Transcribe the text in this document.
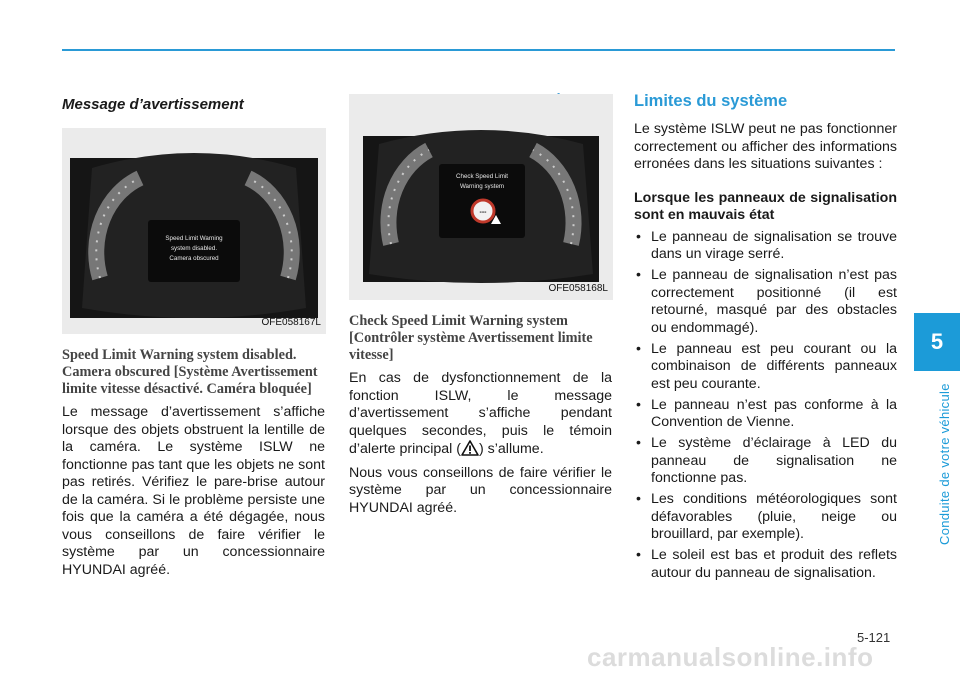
5
Conduite de votre véhicule
carmanualsonline.info
5-121
Message d’avertissement
Speed Limit Warning
system disabled.
Camera obscured
OFE058167L
Speed Limit Warning system disabled. Camera obscured [Système Avertissement limite vitesse désactivé. Caméra bloquée]
Le message d’avertissement s’affiche lorsque des objets obstruent la lentille de la caméra. Le système ISLW ne fonctionne pas tant que les objets ne sont pas retirés. Vérifiez le pare-brise autour de la caméra. Si le problème persiste une fois que la caméra a été dégagée, nous vous conseillons de faire vérifier le système par un concessionnaire HYUNDAI agréé.
Check Speed Limit
Warning system
---
OFE058168L
Check Speed Limit Warning system [Contrôler système Avertissement limite vitesse]
En cas de dysfonctionnement de la fonction ISLW, le message d’avertissement s’affiche pendant quelques secondes, puis le témoin d’alerte principal ( ) s’allume.
Nous vous conseillons de faire vérifier le système par un concessionnaire HYUNDAI agréé.
Limites du système
Le système ISLW peut ne pas fonctionner correctement ou afficher des informations erronées dans les situations suivantes :
Lorsque les panneaux de signalisation sont en mauvais état
• Le panneau de signalisation se trouve dans un virage serré.
• Le panneau de signalisation n’est pas correctement positionné (il est retourné, masqué par des obstacles ou endommagé).
• Le panneau est peu courant ou la combinaison de différents panneaux est peu courante.
• Le panneau n’est pas conforme à la Convention de Vienne.
• Le système d’éclairage à LED du panneau de signalisation ne fonctionne pas.
• Les conditions météorologiques sont défavorables (pluie, neige ou brouillard, par exemple).
• Le soleil est bas et produit des reflets autour du panneau de signalisation.
